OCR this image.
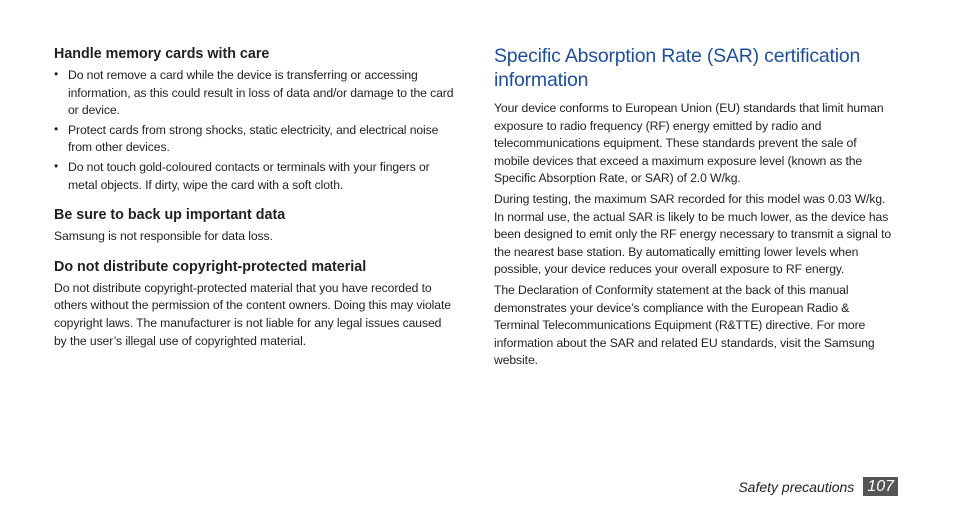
Handle memory cards with care
• Do not remove a card while the device is transferring or accessing information, as this could result in loss of data and/or damage to the card or device.
• Protect cards from strong shocks, static electricity, and electrical noise from other devices.
• Do not touch gold-coloured contacts or terminals with your fingers or metal objects. If dirty, wipe the card with a soft cloth.
Be sure to back up important data

Samsung is not responsible for data loss.

Do not distribute copyright-protected material

Do not distribute copyright-protected material that you have recorded to others without the permission of the content owners. Doing this may violate copyright laws. The manufacturer is not liable for any legal issues caused by the user’s illegal use of copyrighted material.

Specific Absorption Rate (SAR) certification information

Your device conforms to European Union (EU) standards that limit human exposure to radio frequency (RF) energy emitted by radio and telecommunications equipment. These standards prevent the sale of mobile devices that exceed a maximum exposure level (known as the Specific Absorption Rate, or SAR) of 2.0 W/kg.

During testing, the maximum SAR recorded for this model was 0.03 W/kg. In normal use, the actual SAR is likely to be much lower, as the device has been designed to emit only the RF energy necessary to transmit a signal to the nearest base station. By automatically emitting lower levels when possible, your device reduces your overall exposure to RF energy.

The Declaration of Conformity statement at the back of this manual demonstrates your device’s compliance with the European Radio & Terminal Telecommunications Equipment (R&TTE) directive. For more information about the SAR and related EU standards, visit the Samsung website.

Safety precautions 107
